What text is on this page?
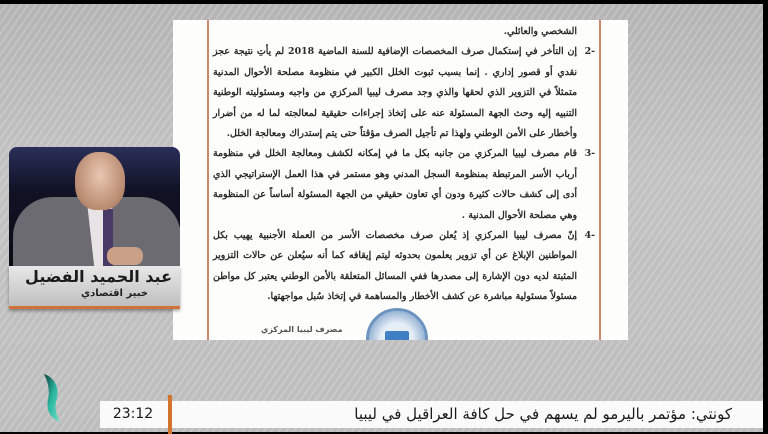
الشخصي والعائلي.

-2
إن التأخر في إستكمال صرف المخصصات الإضافية للسنة الماضية 2018 لم يأتِ نتيجة عجز نقدي أو قصور إداري . إنما بسبب ثبوت الخلل الكبير في منظومة مصلحة الأحوال المدنية متمثلاً في التزوير الذي لحقها والذي وجد مصرف ليبيا المركزي من واجبه ومسئوليته الوطنية التنبيه إليه وحث الجهة المسئولة عنه على إتخاذ إجراءات حقيقية لمعالجته لما له من أضرار وأخطار على الأمن الوطني ولهذا تم تأجيل الصرف مؤقتاً حتى يتم إستدراك ومعالجة الخلل.
-3
قام مصرف ليبيا المركزي من جانبه بكل ما في إمكانه لكشف ومعالجة الخلل في منظومة أرباب الأسر المرتبطة بمنظومة السجل المدني وهو مستمر في هذا العمل الإستراتيجي الذي أدى إلى كشف حالات كثيرة ودون أي تعاون حقيقي من الجهة المسئولة أساساً عن المنظومة وهي مصلحة الأحوال المدنية .
-4
إنّ مصرف ليبيا المركزي إذ يُعلن صرف مخصصات الأسر من العملة الأجنبية يهيب بكل المواطنين الإبلاغ عن أي تزوير يعلمون بحدوثه ليتم إيقافه كما أنه سيُعلن عن حالات التزوير المثبتة لديه دون الإشارة إلى مصدرها ففي المسائل المتعلقة بالأمن الوطني يعتبر كل مواطن مسئولاً مسئولية مباشرة عن كشف الأخطار والمساهمة في إتخاذ سُبل مواجهتها.
مصرف ليبيا المركزي
عبد الحميد الفضيل
خبير اقتصادي
23:12	كونتي: مؤتمر باليرمو لم يسهم في حل كافة العراقيل في ليبيا
